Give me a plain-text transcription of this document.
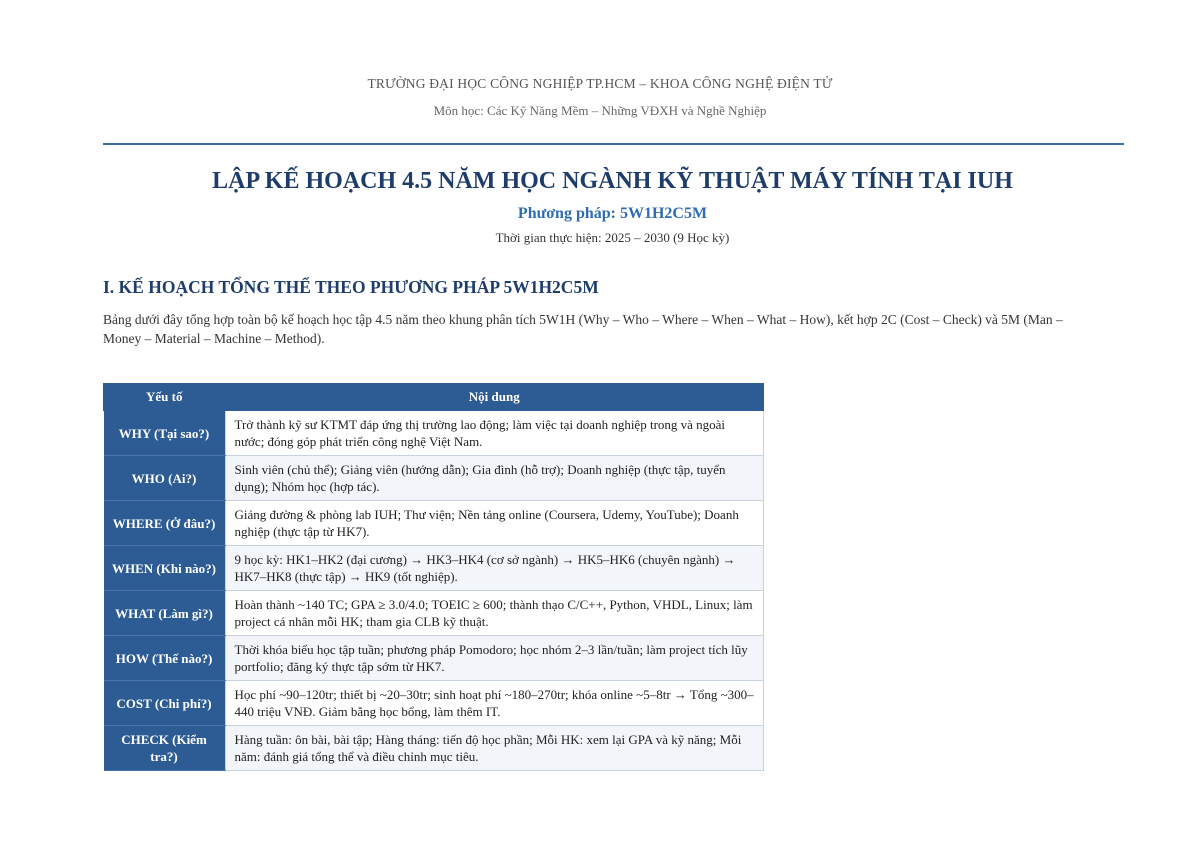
TRƯỜNG ĐẠI HỌC CÔNG NGHIỆP TP.HCM – KHOA CÔNG NGHỆ ĐIỆN TỬ
Môn học: Các Kỹ Năng Mềm – Những VĐXH và Nghề Nghiệp
LẬP KẾ HOẠCH 4.5 NĂM HỌC NGÀNH KỸ THUẬT MÁY TÍNH TẠI IUH
Phương pháp: 5W1H2C5M
Thời gian thực hiện: 2025 – 2030 (9 Học kỳ)
I. KẾ HOẠCH TỔNG THỂ THEO PHƯƠNG PHÁP 5W1H2C5M
Bảng dưới đây tổng hợp toàn bộ kế hoạch học tập 4.5 năm theo khung phân tích 5W1H (Why – Who – Where – When – What – How), kết hợp 2C (Cost – Check) và 5M (Man – Money – Material – Machine – Method).
Yếu tố	Nội dung
WHY (Tại sao?)	Trở thành kỹ sư KTMT đáp ứng thị trường lao động; làm việc tại doanh nghiệp trong và ngoài nước; đóng góp phát triển công nghệ Việt Nam.
WHO (Ai?)	Sinh viên (chủ thể); Giảng viên (hướng dẫn); Gia đình (hỗ trợ); Doanh nghiệp (thực tập, tuyển dụng); Nhóm học (hợp tác).
WHERE (Ở đâu?)	Giảng đường & phòng lab IUH; Thư viện; Nền tảng online (Coursera, Udemy, YouTube); Doanh nghiệp (thực tập từ HK7).
WHEN (Khi nào?)	9 học kỳ: HK1–HK2 (đại cương) → HK3–HK4 (cơ sở ngành) → HK5–HK6 (chuyên ngành) → HK7–HK8 (thực tập) → HK9 (tốt nghiệp).
WHAT (Làm gì?)	Hoàn thành ~140 TC; GPA ≥ 3.0/4.0; TOEIC ≥ 600; thành thạo C/C++, Python, VHDL, Linux; làm project cá nhân mỗi HK; tham gia CLB kỹ thuật.
HOW (Thế nào?)	Thời khóa biểu học tập tuần; phương pháp Pomodoro; học nhóm 2–3 lần/tuần; làm project tích lũy portfolio; đăng ký thực tập sớm từ HK7.
COST (Chi phí?)	Học phí ~90–120tr; thiết bị ~20–30tr; sinh hoạt phí ~180–270tr; khóa online ~5–8tr → Tổng ~300–440 triệu VNĐ. Giảm bằng học bổng, làm thêm IT.
CHECK (Kiểm tra?)	Hàng tuần: ôn bài, bài tập; Hàng tháng: tiến độ học phần; Mỗi HK: xem lại GPA và kỹ năng; Mỗi năm: đánh giá tổng thể và điều chỉnh mục tiêu.
